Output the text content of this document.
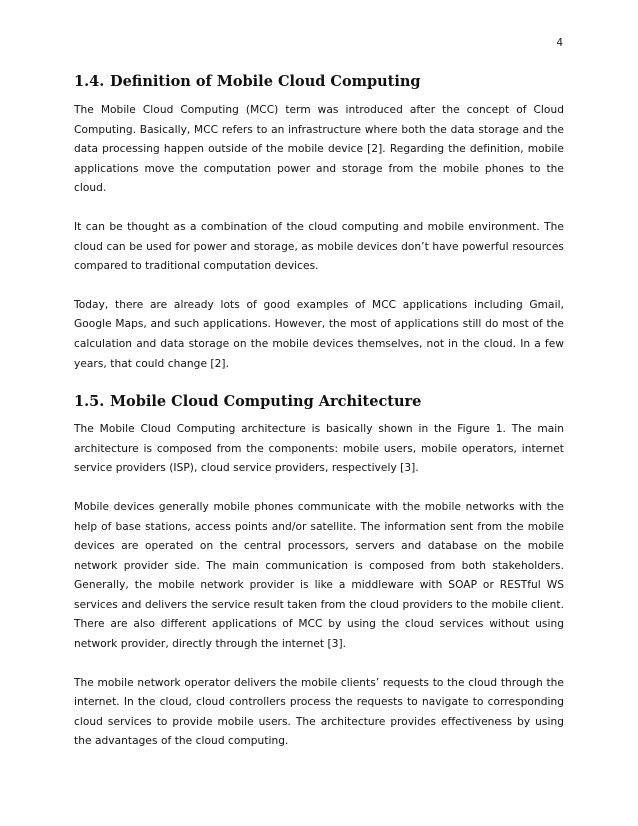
4
1.4. Definition of Mobile Cloud Computing

The Mobile Cloud Computing (MCC) term was introduced after the concept of Cloud Computing. Basically, MCC refers to an infrastructure where both the data storage and the data processing happen outside of the mobile device [2]. Regarding the definition, mobile applications move the computation power and storage from the mobile phones to the cloud.

It can be thought as a combination of the cloud computing and mobile environment. The cloud can be used for power and storage, as mobile devices don’t have powerful resources compared to traditional computation devices.

Today, there are already lots of good examples of MCC applications including Gmail, Google Maps, and such applications. However, the most of applications still do most of the calculation and data storage on the mobile devices themselves, not in the cloud. In a few years, that could change [2].

1.5. Mobile Cloud Computing Architecture

The Mobile Cloud Computing architecture is basically shown in the Figure 1. The main architecture is composed from the components: mobile users, mobile operators, internet service providers (ISP), cloud service providers, respectively [3].

Mobile devices generally mobile phones communicate with the mobile networks with the help of base stations, access points and/or satellite. The information sent from the mobile devices are operated on the central processors, servers and database on the mobile network provider side. The main communication is composed from both stakeholders. Generally, the mobile network provider is like a middleware with SOAP or RESTful WS services and delivers the service result taken from the cloud providers to the mobile client. There are also different applications of MCC by using the cloud services without using network provider, directly through the internet [3].

The mobile network operator delivers the mobile clients’ requests to the cloud through the internet. In the cloud, cloud controllers process the requests to navigate to corresponding cloud services to provide mobile users. The architecture provides effectiveness by using the advantages of the cloud computing.
